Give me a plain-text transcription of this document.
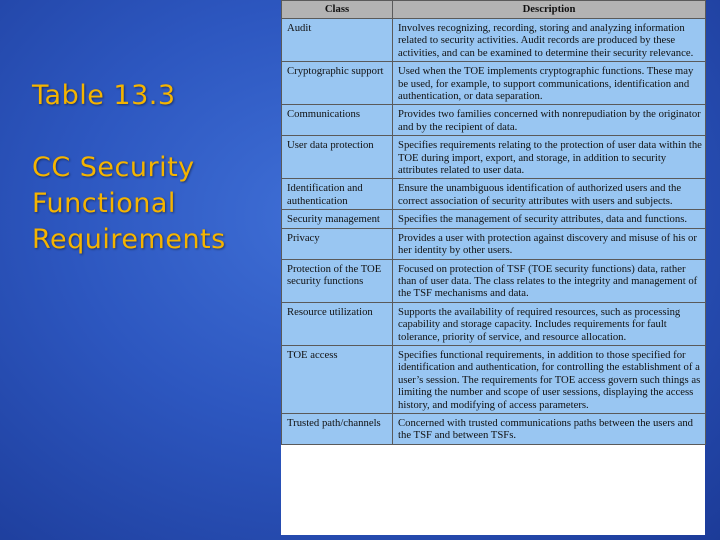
Table 13.3
CC Security
Functional
Requirements
Class	Description
Audit	Involves recognizing, recording, storing and analyzing information related to security activities. Audit records are produced by these activities, and can be examined to determine their security relevance.
Cryptographic support	Used when the TOE implements cryptographic functions. These may be used, for example, to support communications, identification and authentication, or data separation.
Communications	Provides two families concerned with nonrepudiation by the originator and by the recipient of data.
User data protection	Specifies requirements relating to the protection of user data within the TOE during import, export, and storage, in addition to security attributes related to user data.
Identification and authentication	Ensure the unambiguous identification of authorized users and the correct association of security attributes with users and subjects.
Security management	Specifies the management of security attributes, data and functions.
Privacy	Provides a user with protection against discovery and misuse of his or her identity by other users.
Protection of the TOE security functions	Focused on protection of TSF (TOE security functions) data, rather than of user data. The class relates to the integrity and management of the TSF mechanisms and data.
Resource utilization	Supports the availability of required resources, such as processing capability and storage capacity. Includes requirements for fault tolerance, priority of service, and resource allocation.
TOE access	Specifies functional requirements, in addition to those specified for identification and authentication, for controlling the establishment of a user’s session. The requirements for TOE access govern such things as limiting the number and scope of user sessions, displaying the access history, and modifying of access parameters.
Trusted path/channels	Concerned with trusted communications paths between the users and the TSF and between TSFs.
